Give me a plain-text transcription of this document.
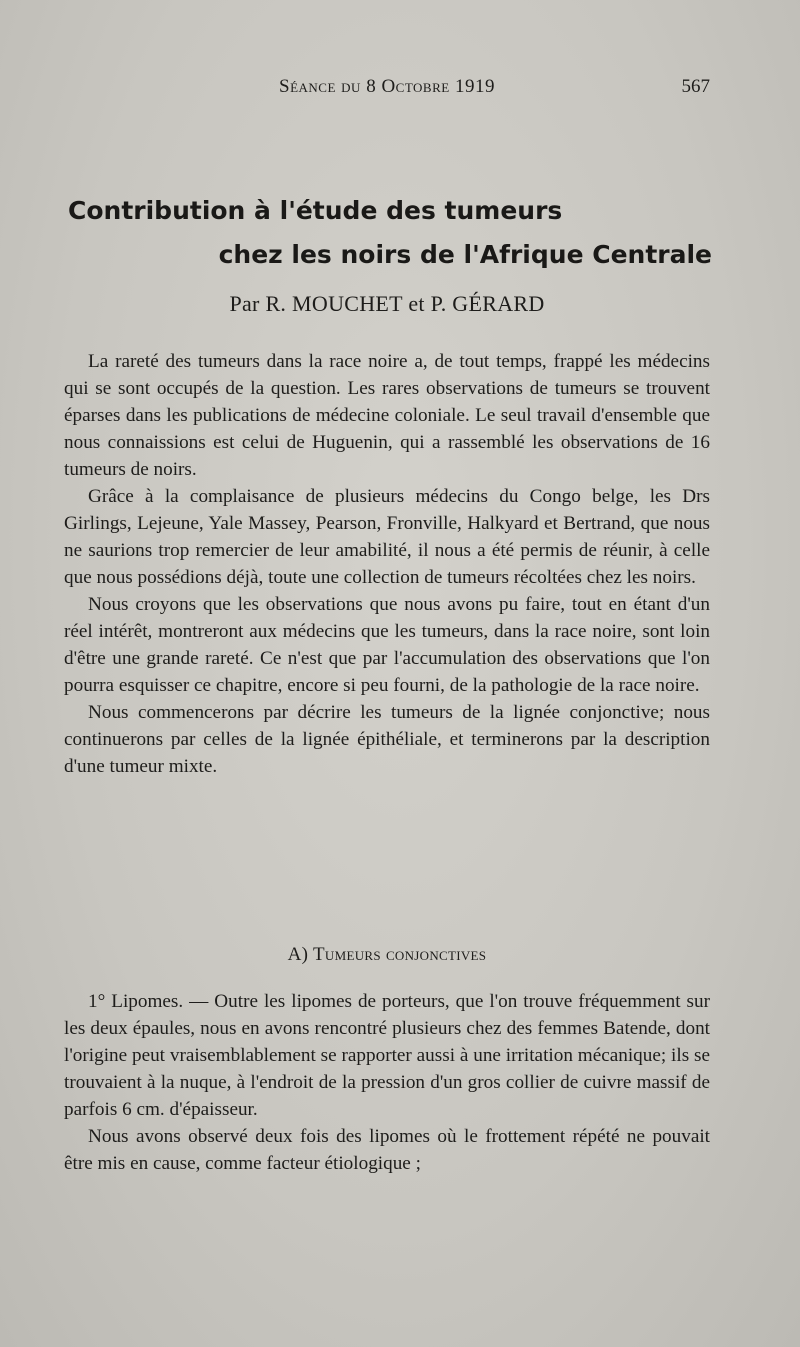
Séance du 8 Octobre 1919	567
Contribution à l'étude des tumeurs
chez les noirs de l'Afrique Centrale
Par R. MOUCHET et P. GÉRARD

La rareté des tumeurs dans la race noire a, de tout temps, frappé les médecins qui se sont occupés de la question. Les rares observations de tumeurs se trouvent éparses dans les publications de médecine coloniale. Le seul travail d'ensemble que nous connaissions est celui de Huguenin, qui a rassemblé les observations de 16 tumeurs de noirs.

Grâce à la complaisance de plusieurs médecins du Congo belge, les Drs Girlings, Lejeune, Yale Massey, Pearson, Fronville, Halkyard et Bertrand, que nous ne saurions trop remercier de leur amabilité, il nous a été permis de réunir, à celle que nous possédions déjà, toute une collection de tumeurs récoltées chez les noirs.

Nous croyons que les observations que nous avons pu faire, tout en étant d'un réel intérêt, montreront aux médecins que les tumeurs, dans la race noire, sont loin d'être une grande rareté. Ce n'est que par l'accumulation des observations que l'on pourra esquisser ce chapitre, encore si peu fourni, de la pathologie de la race noire.

Nous commencerons par décrire les tumeurs de la lignée conjonctive; nous continuerons par celles de la lignée épithéliale, et terminerons par la description d'une tumeur mixte.

A) Tumeurs conjonctives

1° Lipomes. — Outre les lipomes de porteurs, que l'on trouve fréquemment sur les deux épaules, nous en avons rencontré plusieurs chez des femmes Batende, dont l'origine peut vraisemblablement se rapporter aussi à une irritation mécanique; ils se trouvaient à la nuque, à l'endroit de la pression d'un gros collier de cuivre massif de parfois 6 cm. d'épaisseur.

Nous avons observé deux fois des lipomes où le frottement répété ne pouvait être mis en cause, comme facteur étiologique ;
